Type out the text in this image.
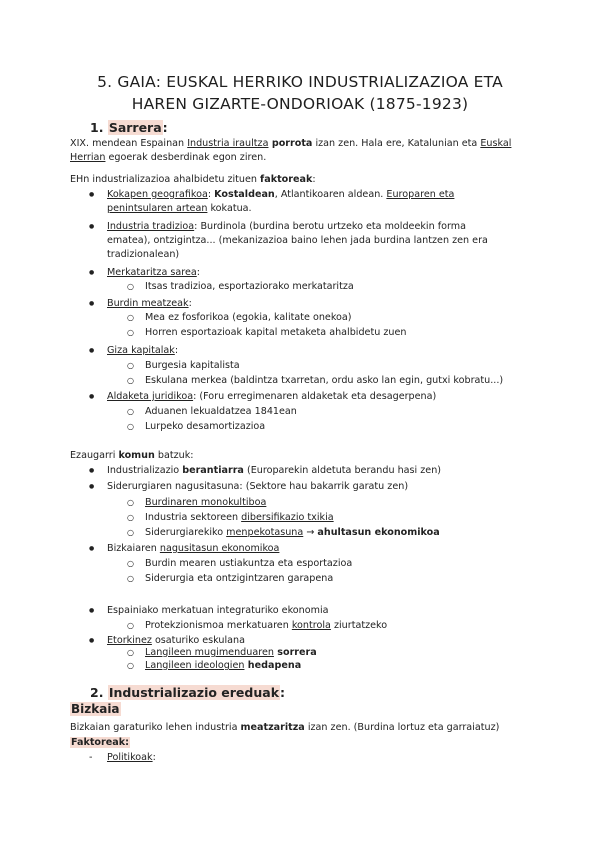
5. GAIA: EUSKAL HERRIKO INDUSTRIALIZAZIOA ETA
HAREN GIZARTE-ONDORIOAK (1875-1923)
1. Sarrera:
XIX. mendean Espainan Industria iraultza porrota izan zen. Hala ere, Katalunian eta Euskal
Herrian egoerak desberdinak egon ziren.
EHn industrializazioa ahalbidetu zituen faktoreak:
● Kokapen geografikoa: Kostaldean, Atlantikoaren aldean. Europaren eta
penintsularen artean kokatua.
● Industria tradizioa: Burdinola (burdina berotu urtzeko eta moldeekin forma
ematea), ontzigintza... (mekanizazioa baino lehen jada burdina lantzen zen era
tradizionalean)
● Merkataritza sarea:
○ Itsas tradizioa, esportaziorako merkataritza
● Burdin meatzeak:
○ Mea ez fosforikoa (egokia, kalitate onekoa)
○ Horren esportazioak kapital metaketa ahalbidetu zuen
● Giza kapitalak:
○ Burgesia kapitalista
○ Eskulana merkea (baldintza txarretan, ordu asko lan egin, gutxi kobratu...)
● Aldaketa juridikoa: (Foru erregimenaren aldaketak eta desagerpena)
○ Aduanen lekualdatzea 1841ean
○ Lurpeko desamortizazioa
Ezaugarri komun batzuk:
● Industrializazio berantiarra (Europarekin aldetuta berandu hasi zen)
● Siderurgiaren nagusitasuna: (Sektore hau bakarrik garatu zen)
○ Burdinaren monokultiboa
○ Industria sektoreen dibersifikazio txikia
○ Siderurgiarekiko menpekotasuna → ahultasun ekonomikoa
● Bizkaiaren nagusitasun ekonomikoa
○ Burdin mearen ustiakuntza eta esportazioa
○ Siderurgia eta ontzigintzaren garapena
● Espainiako merkatuan integraturiko ekonomia
○ Protekzionismoa merkatuaren kontrola ziurtatzeko
● Etorkinez osaturiko eskulana
○ Langileen mugimenduaren sorrera
○ Langileen ideologien hedapena
2. Industrializazio ereduak:
Bizkaia
Bizkaian garaturiko lehen industria meatzaritza izan zen. (Burdina lortuz eta garraiatuz)
Faktoreak:
- Politikoak:
